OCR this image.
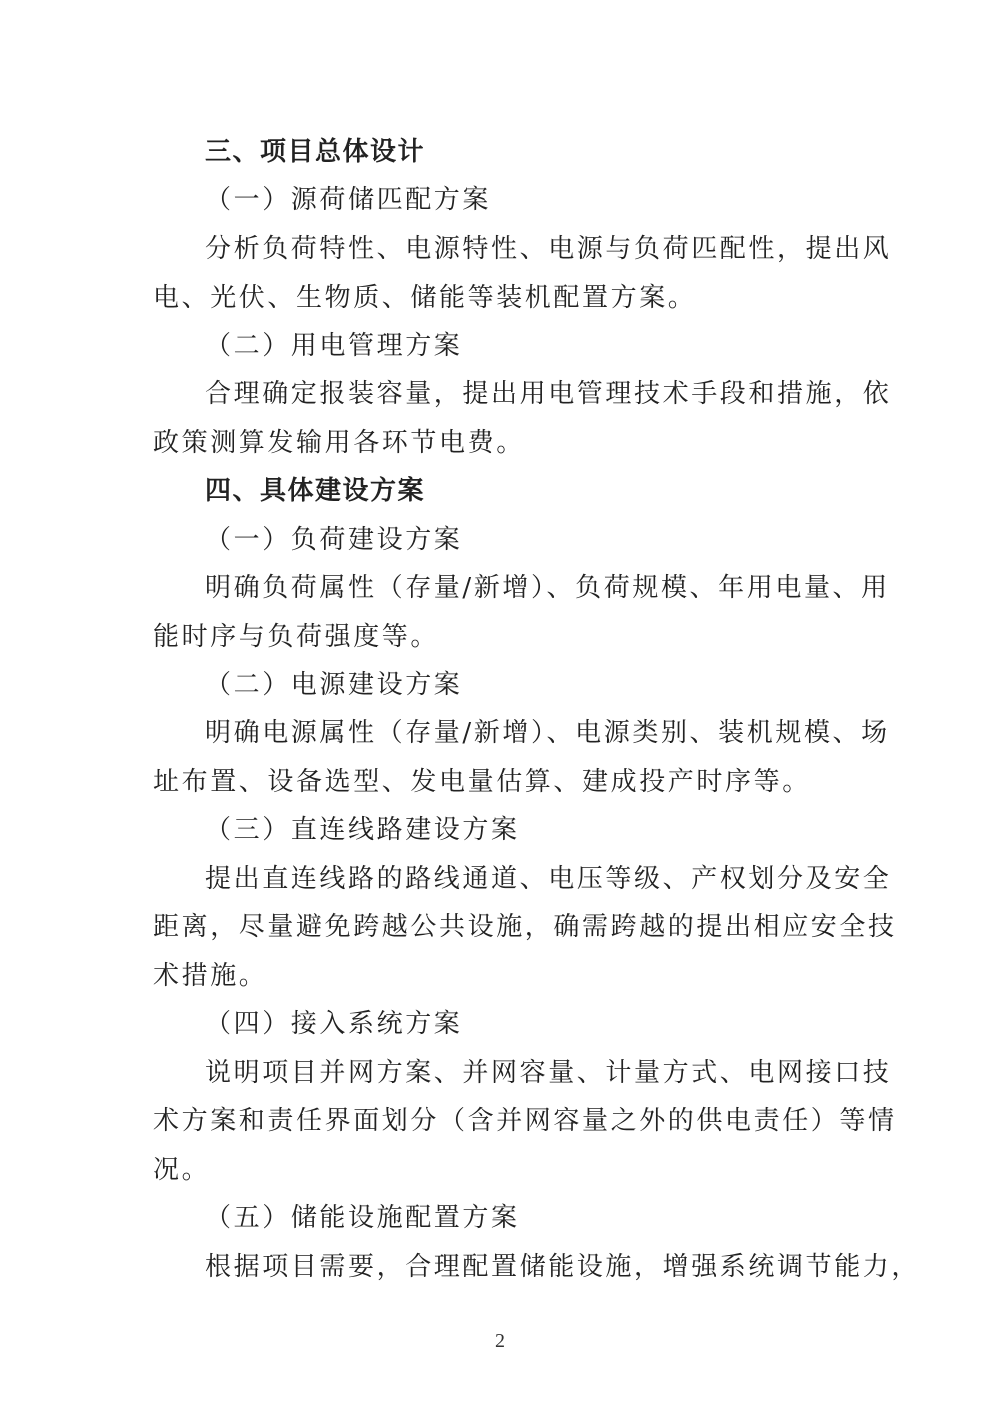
三、项目总体设计
（一）源荷储匹配方案
分析负荷特性、电源特性、电源与负荷匹配性，提出风
电、光伏、生物质、储能等装机配置方案。
（二）用电管理方案
合理确定报装容量，提出用电管理技术手段和措施，依
政策测算发输用各环节电费。
四、具体建设方案
（一）负荷建设方案
明确负荷属性（存量/新增）、负荷规模、年用电量、用
能时序与负荷强度等。
（二）电源建设方案
明确电源属性（存量/新增）、电源类别、装机规模、场
址布置、设备选型、发电量估算、建成投产时序等。
（三）直连线路建设方案
提出直连线路的路线通道、电压等级、产权划分及安全
距离，尽量避免跨越公共设施，确需跨越的提出相应安全技
术措施。
（四）接入系统方案
说明项目并网方案、并网容量、计量方式、电网接口技
术方案和责任界面划分（含并网容量之外的供电责任）等情
况。
（五）储能设施配置方案
根据项目需要，合理配置储能设施，增强系统调节能力，
2
